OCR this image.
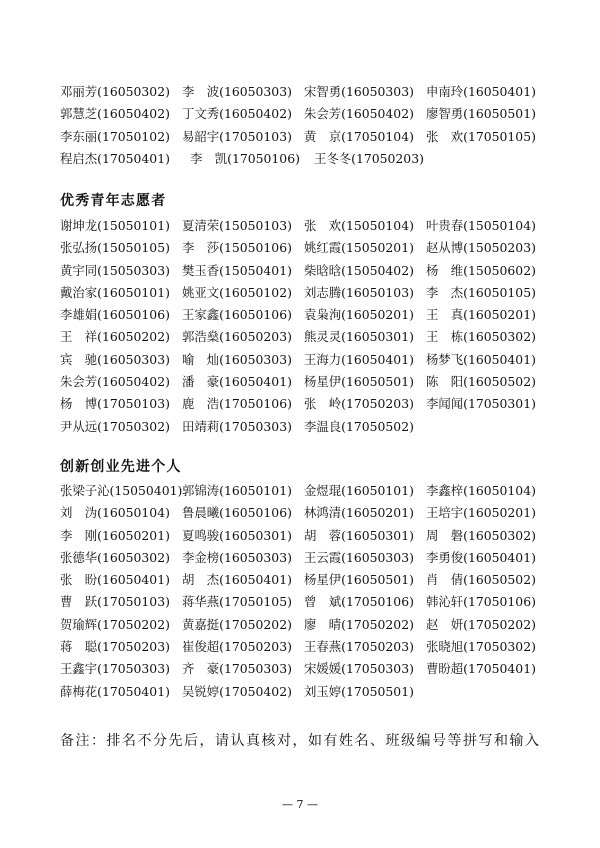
邓丽芳(16050302) 李　波(16050303) 宋智勇(16050303) 申南玲(16050401)
郭慧芝(16050402) 丁文秀(16050402) 朱会芳(16050402) 廖智勇(16050501)
李东丽(17050102) 易韶宇(17050103) 黄　京(17050104) 张　欢(17050105)
程启杰(17050401)	李　凯(17050106)	王冬冬(17050203)
优秀青年志愿者
谢坤龙(15050101) 夏清荣(15050103) 张　欢(15050104) 叶贵春(15050104)
张弘扬(15050105) 李　莎(15050106) 姚红霞(15050201) 赵从博(15050203)
黄宇同(15050303) 樊玉香(15050401) 柴晗晗(15050402) 杨　维(15050602)
戴治家(16050101) 姚亚文(16050102) 刘志腾(16050103) 李　杰(16050105)
李雄娟(16050106) 王家鑫(16050106) 袁枭洵(16050201) 王　真(16050201)
王　祥(16050202) 郭浩燊(16050203) 熊灵灵(16050301) 王　栋(16050302)
宾　驰(16050303) 喻　灿(16050303) 王海力(16050401) 杨梦飞(16050401)
朱会芳(16050402) 潘　豪(16050401) 杨星伊(16050501) 陈　阳(16050502)
杨　博(17050103) 鹿　浩(17050106) 张　岭(17050203) 李闻闻(17050301)
尹从远(17050302) 田靖莉(17050303) 李温良(17050502)
创新创业先进个人
张梁子沁(15050401) 郭锦涛(16050101) 金煜琨(16050101) 李鑫梓(16050104)
刘　沩(16050104) 鲁晨曦(16050106) 林鸿清(16050201) 王培宇(16050201)
李　刚(16050201) 夏鸣骏(16050301) 胡　蓉(16050301) 周　磐(16050302)
张德华(16050302) 李金榜(16050303) 王云霞(16050303) 李勇俊(16050401)
张　盼(16050401) 胡　杰(16050401) 杨星伊(16050501) 肖　倩(16050502)
曹　跃(17050103) 蒋华燕(17050105) 曾　斌(17050106) 韩沁轩(17050106)
贺瑜辉(17050202) 黄嘉挺(17050202) 廖　晴(17050202) 赵　妍(17050202)
蒋　聪(17050203) 崔俊超(17050203) 王春燕(17050203) 张晓旭(17050302)
王鑫宇(17050303) 齐　豪(17050303) 宋媛媛(17050303) 曹盼超(17050401)
薛梅花(17050401) 吴锐婷(17050402) 刘玉婷(17050501)
备注：排名不分先后，请认真核对，如有姓名、班级编号等拼写和输入
— 7 —
